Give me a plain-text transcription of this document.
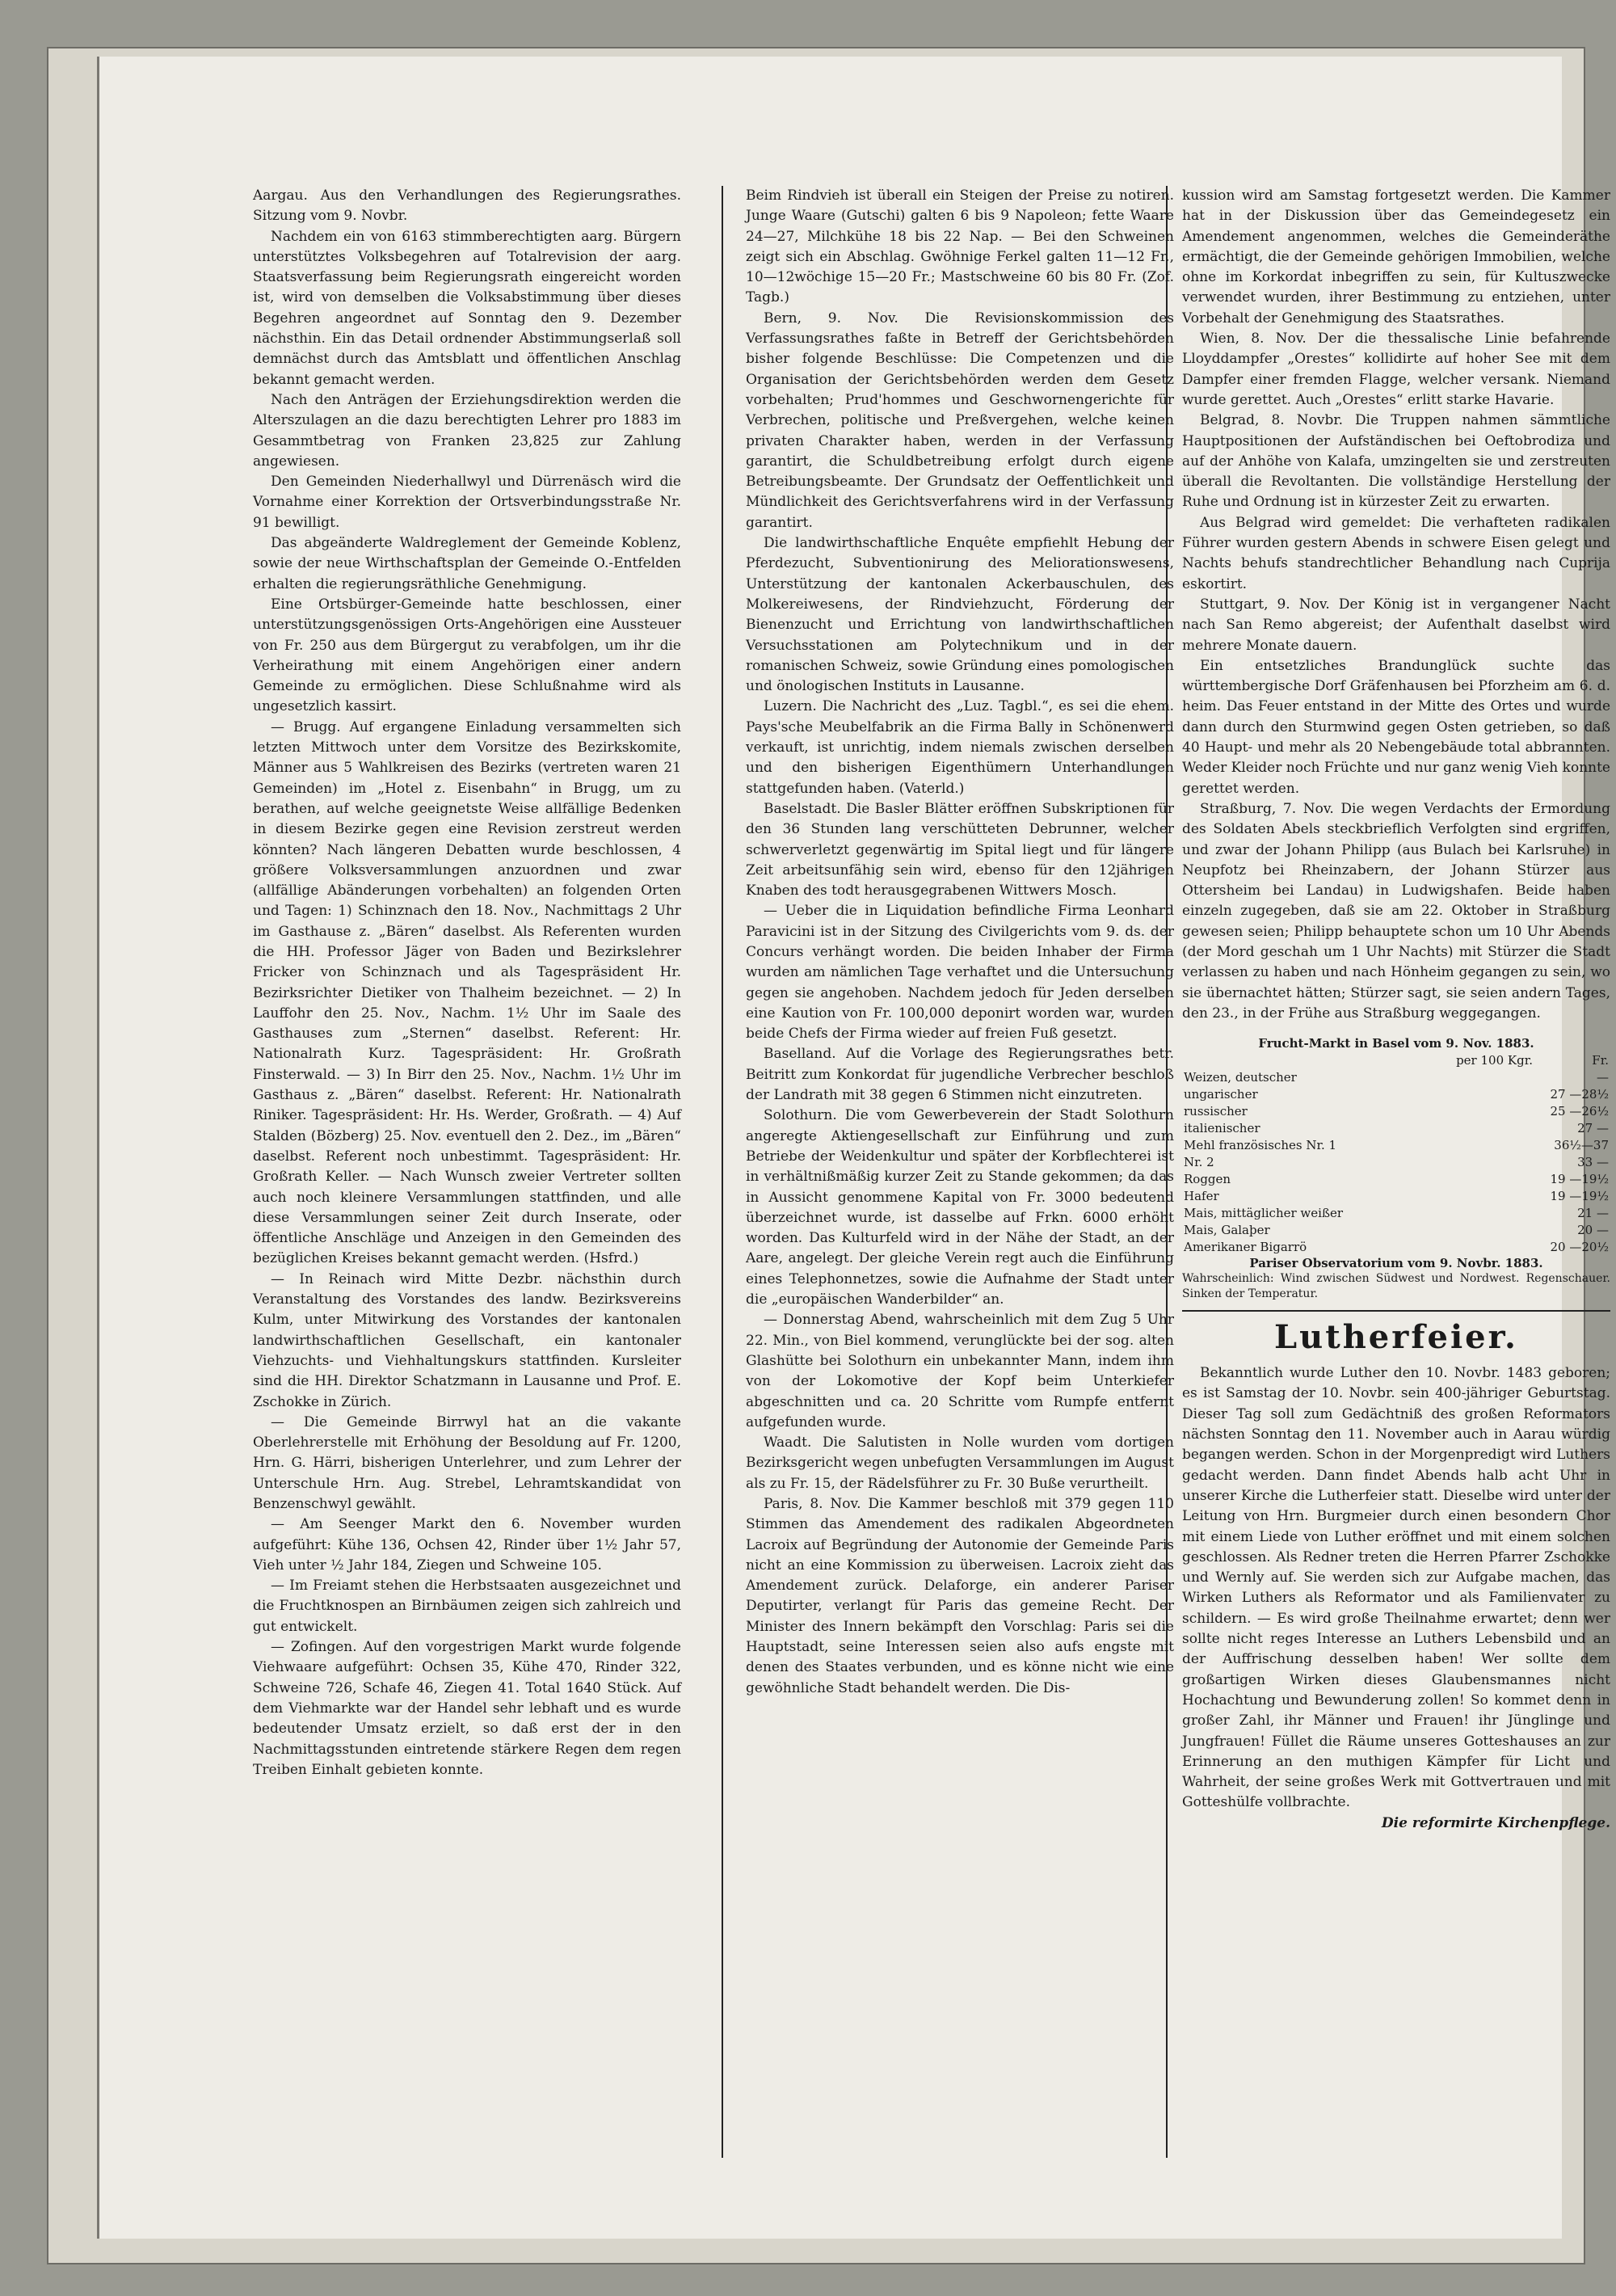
Aargau. Aus den Verhandlungen des Regierungsrathes. Sitzung vom 9. Novbr.

Nachdem ein von 6163 stimmberechtigten aarg. Bürgern unterstütztes Volksbegehren auf Totalrevision der aarg. Staatsverfassung beim Regierungsrath eingereicht worden ist, wird von demselben die Volksabstimmung über dieses Begehren angeordnet auf Sonntag den 9. Dezember nächsthin. Ein das Detail ordnender Abstimmungserlaß soll demnächst durch das Amtsblatt und öffentlichen Anschlag bekannt gemacht werden.

Nach den Anträgen der Erziehungsdirektion werden die Alterszulagen an die dazu berechtigten Lehrer pro 1883 im Gesammtbetrag von Franken 23,825 zur Zahlung angewiesen.

Den Gemeinden Niederhallwyl und Dürrenäsch wird die Vornahme einer Korrektion der Ortsverbindungsstraße Nr. 91 bewilligt.

Das abgeänderte Waldreglement der Gemeinde Koblenz, sowie der neue Wirthschaftsplan der Gemeinde O.-Entfelden erhalten die regierungsräthliche Genehmigung.

Eine Ortsbürger-Gemeinde hatte beschlossen, einer unterstützungsgenössigen Orts-Angehörigen eine Aussteuer von Fr. 250 aus dem Bürgergut zu verabfolgen, um ihr die Verheirathung mit einem Angehörigen einer andern Gemeinde zu ermöglichen. Diese Schlußnahme wird als ungesetzlich kassirt.

— Brugg. Auf ergangene Einladung versammelten sich letzten Mittwoch unter dem Vorsitze des Bezirkskomite, Männer aus 5 Wahlkreisen des Bezirks (vertreten waren 21 Gemeinden) im „Hotel z. Eisenbahn“ in Brugg, um zu berathen, auf welche geeignetste Weise allfällige Bedenken in diesem Bezirke gegen eine Revision zerstreut werden könnten? Nach längeren Debatten wurde beschlossen, 4 größere Volksversammlungen anzuordnen und zwar (allfällige Abänderungen vorbehalten) an folgenden Orten und Tagen: 1) Schinznach den 18. Nov., Nachmittags 2 Uhr im Gasthause z. „Bären“ daselbst. Als Referenten wurden die HH. Professor Jäger von Baden und Bezirkslehrer Fricker von Schinznach und als Tagespräsident Hr. Bezirksrichter Dietiker von Thalheim bezeichnet. — 2) In Lauffohr den 25. Nov., Nachm. 1½ Uhr im Saale des Gasthauses zum „Sternen“ daselbst. Referent: Hr. Nationalrath Kurz. Tagespräsident: Hr. Großrath Finsterwald. — 3) In Birr den 25. Nov., Nachm. 1½ Uhr im Gasthaus z. „Bären“ daselbst. Referent: Hr. Nationalrath Riniker. Tagespräsident: Hr. Hs. Werder, Großrath. — 4) Auf Stalden (Bözberg) 25. Nov. eventuell den 2. Dez., im „Bären“ daselbst. Referent noch unbestimmt. Tagespräsident: Hr. Großrath Keller. — Nach Wunsch zweier Vertreter sollten auch noch kleinere Versammlungen stattfinden, und alle diese Versammlungen seiner Zeit durch Inserate, oder öffentliche Anschläge und Anzeigen in den Gemeinden des bezüglichen Kreises bekannt gemacht werden. (Hsfrd.)

— In Reinach wird Mitte Dezbr. nächsthin durch Veranstaltung des Vorstandes des landw. Bezirksvereins Kulm, unter Mitwirkung des Vorstandes der kantonalen landwirthschaftlichen Gesellschaft, ein kantonaler Viehzuchts- und Viehhaltungskurs stattfinden. Kursleiter sind die HH. Direktor Schatzmann in Lausanne und Prof. E. Zschokke in Zürich.

— Die Gemeinde Birrwyl hat an die vakante Oberlehrerstelle mit Erhöhung der Besoldung auf Fr. 1200, Hrn. G. Härri, bisherigen Unterlehrer, und zum Lehrer der Unterschule Hrn. Aug. Strebel, Lehramtskandidat von Benzenschwyl gewählt.

— Am Seenger Markt den 6. November wurden aufgeführt: Kühe 136, Ochsen 42, Rinder über 1½ Jahr 57, Vieh unter ½ Jahr 184, Ziegen und Schweine 105.

— Im Freiamt stehen die Herbstsaaten ausgezeichnet und die Fruchtknospen an Birnbäumen zeigen sich zahlreich und gut entwickelt.

— Zofingen. Auf den vorgestrigen Markt wurde folgende Viehwaare aufgeführt: Ochsen 35, Kühe 470, Rinder 322, Schweine 726, Schafe 46, Ziegen 41. Total 1640 Stück. Auf dem Viehmarkte war der Handel sehr lebhaft und es wurde bedeutender Umsatz erzielt, so daß erst der in den Nachmittagsstunden eintretende stärkere Regen dem regen Treiben Einhalt gebieten konnte.

Beim Rindvieh ist überall ein Steigen der Preise zu notiren. Junge Waare (Gutschi) galten 6 bis 9 Napoleon; fette Waare 24—27, Milchkühe 18 bis 22 Nap. — Bei den Schweinen zeigt sich ein Abschlag. Gwöhnige Ferkel galten 11—12 Fr., 10—12wöchige 15—20 Fr.; Mastschweine 60 bis 80 Fr. (Zof. Tagb.)

Bern, 9. Nov. Die Revisionskommission des Verfassungsrathes faßte in Betreff der Gerichtsbehörden bisher folgende Beschlüsse: Die Competenzen und die Organisation der Gerichtsbehörden werden dem Gesetz vorbehalten; Prud'hommes und Geschwornengerichte für Verbrechen, politische und Preßvergehen, welche keinen privaten Charakter haben, werden in der Verfassung garantirt, die Schuldbetreibung erfolgt durch eigene Betreibungsbeamte. Der Grundsatz der Oeffentlichkeit und Mündlichkeit des Gerichtsverfahrens wird in der Verfassung garantirt.

Die landwirthschaftliche Enquête empfiehlt Hebung der Pferdezucht, Subventionirung des Meliorationswesens, Unterstützung der kantonalen Ackerbauschulen, des Molkereiwesens, der Rindviehzucht, Förderung der Bienenzucht und Errichtung von landwirthschaftlichen Versuchsstationen am Polytechnikum und in der romanischen Schweiz, sowie Gründung eines pomologischen und önologischen Instituts in Lausanne.

Luzern. Die Nachricht des „Luz. Tagbl.“, es sei die ehem. Pays'sche Meubelfabrik an die Firma Bally in Schönenwerd verkauft, ist unrichtig, indem niemals zwischen derselben und den bisherigen Eigenthümern Unterhandlungen stattgefunden haben. (Vaterld.)

Baselstadt. Die Basler Blätter eröffnen Subskriptionen für den 36 Stunden lang verschütteten Debrunner, welcher schwerverletzt gegenwärtig im Spital liegt und für längere Zeit arbeitsunfähig sein wird, ebenso für den 12jährigen Knaben des todt herausgegrabenen Wittwers Mosch.

— Ueber die in Liquidation befindliche Firma Leonhard Paravicini ist in der Sitzung des Civilgerichts vom 9. ds. der Concurs verhängt worden. Die beiden Inhaber der Firma wurden am nämlichen Tage verhaftet und die Untersuchung gegen sie angehoben. Nachdem jedoch für Jeden derselben eine Kaution von Fr. 100,000 deponirt worden war, wurden beide Chefs der Firma wieder auf freien Fuß gesetzt.

Baselland. Auf die Vorlage des Regierungsrathes betr. Beitritt zum Konkordat für jugendliche Verbrecher beschloß der Landrath mit 38 gegen 6 Stimmen nicht einzutreten.

Solothurn. Die vom Gewerbeverein der Stadt Solothurn angeregte Aktiengesellschaft zur Einführung und zum Betriebe der Weidenkultur und später der Korbflechterei ist in verhältnißmäßig kurzer Zeit zu Stande gekommen; da das in Aussicht genommene Kapital von Fr. 3000 bedeutend überzeichnet wurde, ist dasselbe auf Frkn. 6000 erhöht worden. Das Kulturfeld wird in der Nähe der Stadt, an der Aare, angelegt. Der gleiche Verein regt auch die Einführung eines Telephonnetzes, sowie die Aufnahme der Stadt unter die „europäischen Wanderbilder“ an.

— Donnerstag Abend, wahrscheinlich mit dem Zug 5 Uhr 22. Min., von Biel kommend, verunglückte bei der sog. alten Glashütte bei Solothurn ein unbekannter Mann, indem ihm von der Lokomotive der Kopf beim Unterkiefer abgeschnitten und ca. 20 Schritte vom Rumpfe entfernt aufgefunden wurde.

Waadt. Die Salutisten in Nolle wurden vom dortigen Bezirksgericht wegen unbefugten Versammlungen im August als zu Fr. 15, der Rädelsführer zu Fr. 30 Buße verurtheilt.

Paris, 8. Nov. Die Kammer beschloß mit 379 gegen 110 Stimmen das Amendement des radikalen Abgeordneten Lacroix auf Begründung der Autonomie der Gemeinde Paris nicht an eine Kommission zu überweisen. Lacroix zieht das Amendement zurück. Delaforge, ein anderer Pariser Deputirter, verlangt für Paris das gemeine Recht. Der Minister des Innern bekämpft den Vorschlag: Paris sei die Hauptstadt, seine Interessen seien also aufs engste mit denen des Staates verbunden, und es könne nicht wie eine gewöhnliche Stadt behandelt werden. Die Dis-

kussion wird am Samstag fortgesetzt werden. Die Kammer hat in der Diskussion über das Gemeindegesetz ein Amendement angenommen, welches die Gemeinderäthe ermächtigt, die der Gemeinde gehörigen Immobilien, welche ohne im Korkordat inbegriffen zu sein, für Kultuszwecke verwendet wurden, ihrer Bestimmung zu entziehen, unter Vorbehalt der Genehmigung des Staatsrathes.

Wien, 8. Nov. Der die thessalische Linie befahrende Lloyddampfer „Orestes“ kollidirte auf hoher See mit dem Dampfer einer fremden Flagge, welcher versank. Niemand wurde gerettet. Auch „Orestes“ erlitt starke Havarie.

Belgrad, 8. Novbr. Die Truppen nahmen sämmtliche Hauptpositionen der Aufständischen bei Oeftobrodiza und auf der Anhöhe von Kalafa, umzingelten sie und zerstreuten überall die Revoltanten. Die vollständige Herstellung der Ruhe und Ordnung ist in kürzester Zeit zu erwarten.

Aus Belgrad wird gemeldet: Die verhafteten radikalen Führer wurden gestern Abends in schwere Eisen gelegt und Nachts behufs standrechtlicher Behandlung nach Cuprija eskortirt.

Stuttgart, 9. Nov. Der König ist in vergangener Nacht nach San Remo abgereist; der Aufenthalt daselbst wird mehrere Monate dauern.

Ein entsetzliches Brandunglück suchte das württembergische Dorf Gräfenhausen bei Pforzheim am 6. d. heim. Das Feuer entstand in der Mitte des Ortes und wurde dann durch den Sturmwind gegen Osten getrieben, so daß 40 Haupt- und mehr als 20 Nebengebäude total abbrannten. Weder Kleider noch Früchte und nur ganz wenig Vieh konnte gerettet werden.

Straßburg, 7. Nov. Die wegen Verdachts der Ermordung des Soldaten Abels steckbrieflich Verfolgten sind ergriffen, und zwar der Johann Philipp (aus Bulach bei Karlsruhe) in Neupfotz bei Rheinzabern, der Johann Stürzer aus Ottersheim bei Landau) in Ludwigshafen. Beide haben einzeln zugegeben, daß sie am 22. Oktober in Straßburg gewesen seien; Philipp behauptete schon um 10 Uhr Abends (der Mord geschah um 1 Uhr Nachts) mit Stürzer die Stadt verlassen zu haben und nach Hönheim gegangen zu sein, wo sie übernachtet hätten; Stürzer sagt, sie seien andern Tages, den 23., in der Frühe aus Straßburg weggegangen.

Frucht-Markt in Basel vom 9. Nov. 1883.
	per 100 Kgr.	Fr.
Weizen, deutscher		—
ungarischer		27 —28½
russischer		25 —26½
italienischer		27 —
Mehl französisches Nr. 1		36½—37
Nr. 2		33 —
Roggen		19 —19½
Hafer		19 —19½
Mais, mittäglicher weißer		21 —
Mais, Galaþer		20 —
Amerikaner Bigarrö		20 —20½
Pariser Observatorium vom 9. Novbr. 1883.
Wahrscheinlich: Wind zwischen Südwest und Nordwest. Regenschauer. Sinken der Temperatur.
Lutherfeier.

Bekanntlich wurde Luther den 10. Novbr. 1483 geboren; es ist Samstag der 10. Novbr. sein 400-jähriger Geburtstag. Dieser Tag soll zum Gedächtniß des großen Reformators nächsten Sonntag den 11. November auch in Aarau würdig begangen werden. Schon in der Morgenpredigt wird Luthers gedacht werden. Dann findet Abends halb acht Uhr in unserer Kirche die Lutherfeier statt. Dieselbe wird unter der Leitung von Hrn. Burgmeier durch einen besondern Chor mit einem Liede von Luther eröffnet und mit einem solchen geschlossen. Als Redner treten die Herren Pfarrer Zschokke und Wernly auf. Sie werden sich zur Aufgabe machen, das Wirken Luthers als Reformator und als Familienvater zu schildern. — Es wird große Theilnahme erwartet; denn wer sollte nicht reges Interesse an Luthers Lebensbild und an der Auffrischung desselben haben! Wer sollte dem großartigen Wirken dieses Glaubensmannes nicht Hochachtung und Bewunderung zollen! So kommet denn in großer Zahl, ihr Männer und Frauen! ihr Jünglinge und Jungfrauen! Füllet die Räume unseres Gotteshauses an zur Erinnerung an den muthigen Kämpfer für Licht und Wahrheit, der seine großes Werk mit Gottvertrauen und mit Gotteshülfe vollbrachte.

Die reformirte Kirchenpflege.
